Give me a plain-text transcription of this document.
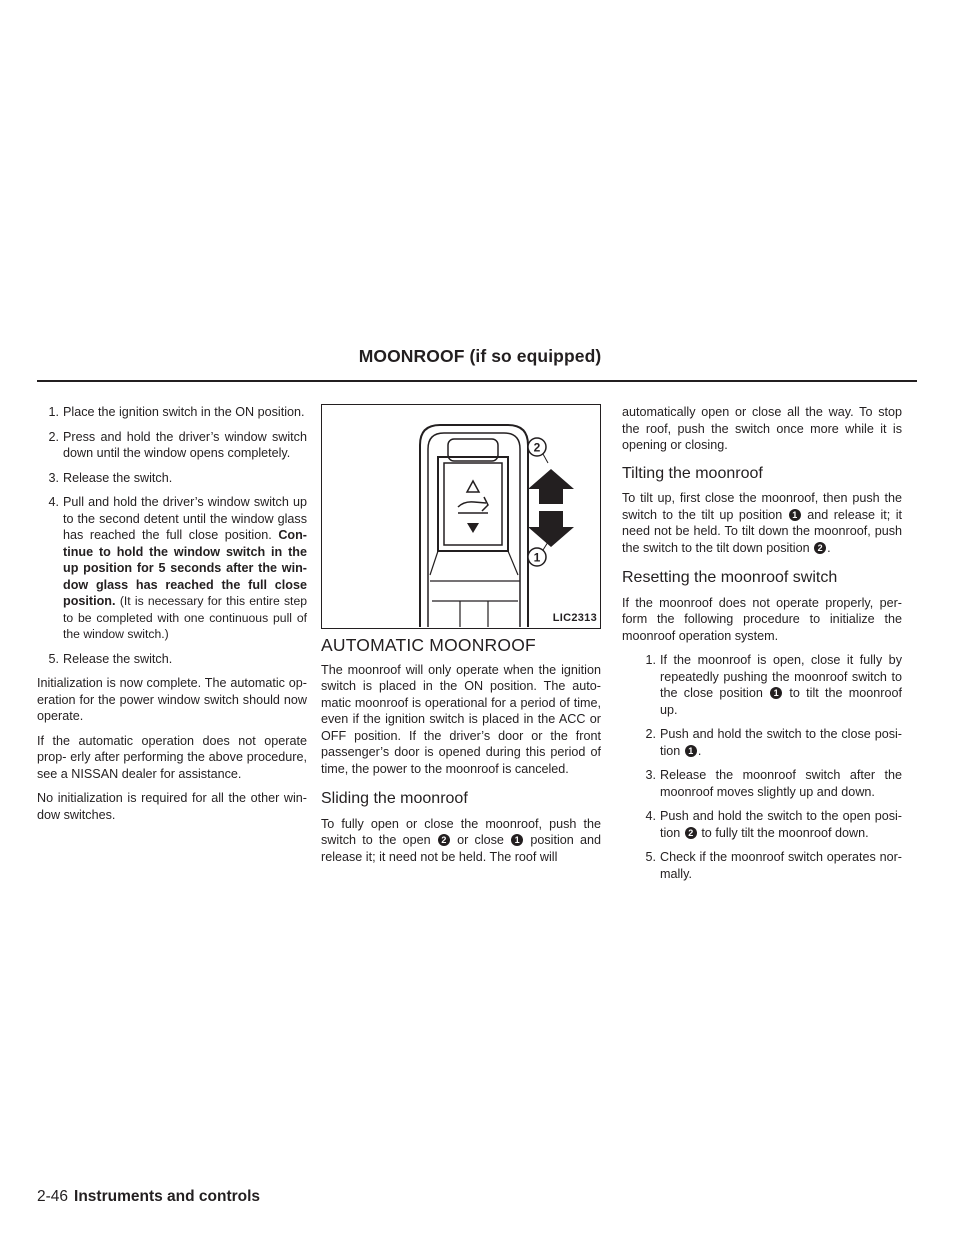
MOONROOF (if so equipped)
1. Place the ignition switch in the ON position.
2. Press and hold the driver’s window switch down until the window opens completely.
3. Release the switch.
4. Pull and hold the driver’s window switch up to the second detent until the window glass has reached the full close position. Con- tinue to hold the window switch in the up position for 5 seconds after the win- dow glass has reached the full close position. (It is necessary for this entire step to be completed with one continuous pull of the window switch.)
5. Release the switch.

Initialization is now complete. The automatic op- eration for the power window switch should now operate.

If the automatic operation does not operate prop- erly after performing the above procedure, see a NISSAN dealer for assistance.

No initialization is required for all the other win- dow switches.

2
1
LIC2313
AUTOMATIC MOONROOF

The moonroof will only operate when the ignition switch is placed in the ON position. The auto- matic moonroof is operational for a period of time, even if the ignition switch is placed in the ACC or OFF position. If the driver’s door or the front passenger’s door is opened during this period of time, the power to the moonroof is canceled.

Sliding the moonroof

To fully open or close the moonroof, push the switch to the open 2 or close 1 position and release it; it need not be held. The roof will

automatically open or close all the way. To stop the roof, push the switch once more while it is opening or closing.

Tilting the moonroof

To tilt up, first close the moonroof, then push the switch to the tilt up position 1 and release it; it need not be held. To tilt down the moonroof, push the switch to the tilt down position 2 .

Resetting the moonroof switch

If the moonroof does not operate properly, per- form the following procedure to initialize the moonroof operation system.

1. If the moonroof is open, close it fully by repeatedly pushing the moonroof switch to the close position 1 to tilt the moonroof up.
2. Push and hold the switch to the close posi- tion 1 .
3. Release the moonroof switch after the moonroof moves slightly up and down.
4. Push and hold the switch to the open posi- tion 2 to fully tilt the moonroof down.
5. Check if the moonroof switch operates nor- mally.
2-46 Instruments and controls
